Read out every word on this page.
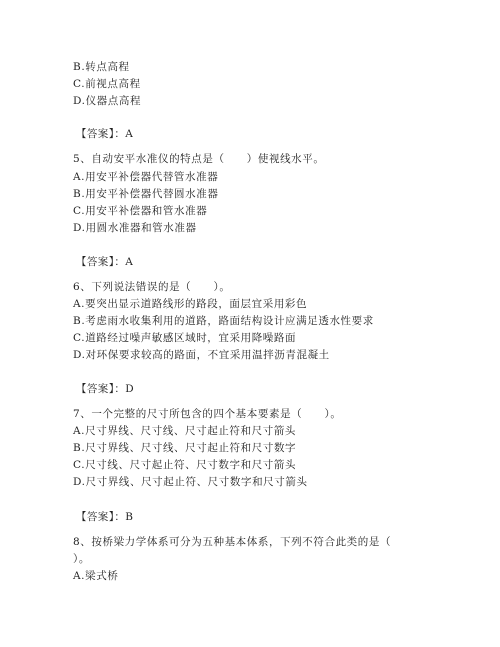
B.转点高程
C.前视点高程
D.仪器点高程
【答案】：A
5、自动安平水准仪的特点是（　　）使视线水平。
A.用安平补偿器代替管水准器
B.用安平补偿器代替圆水准器
C.用安平补偿器和管水准器
D.用圆水准器和管水准器
【答案】：A
6、下列说法错误的是（　　）。
A.要突出显示道路线形的路段，面层宜采用彩色
B.考虑雨水收集利用的道路，路面结构设计应满足透水性要求
C.道路经过噪声敏感区域时，宜采用降噪路面
D.对环保要求较高的路面，不宜采用温拌沥青混凝土
【答案】：D
7、一个完整的尺寸所包含的四个基本要素是（　　）。
A.尺寸界线、尺寸线、尺寸起止符和尺寸箭头
B.尺寸界线、尺寸线、尺寸起止符和尺寸数字
C.尺寸线、尺寸起止符、尺寸数字和尺寸箭头
D.尺寸界线、尺寸起止符、尺寸数字和尺寸箭头
【答案】：B
8、按桥梁力学体系可分为五种基本体系，下列不符合此类的是（
）。
A.梁式桥
